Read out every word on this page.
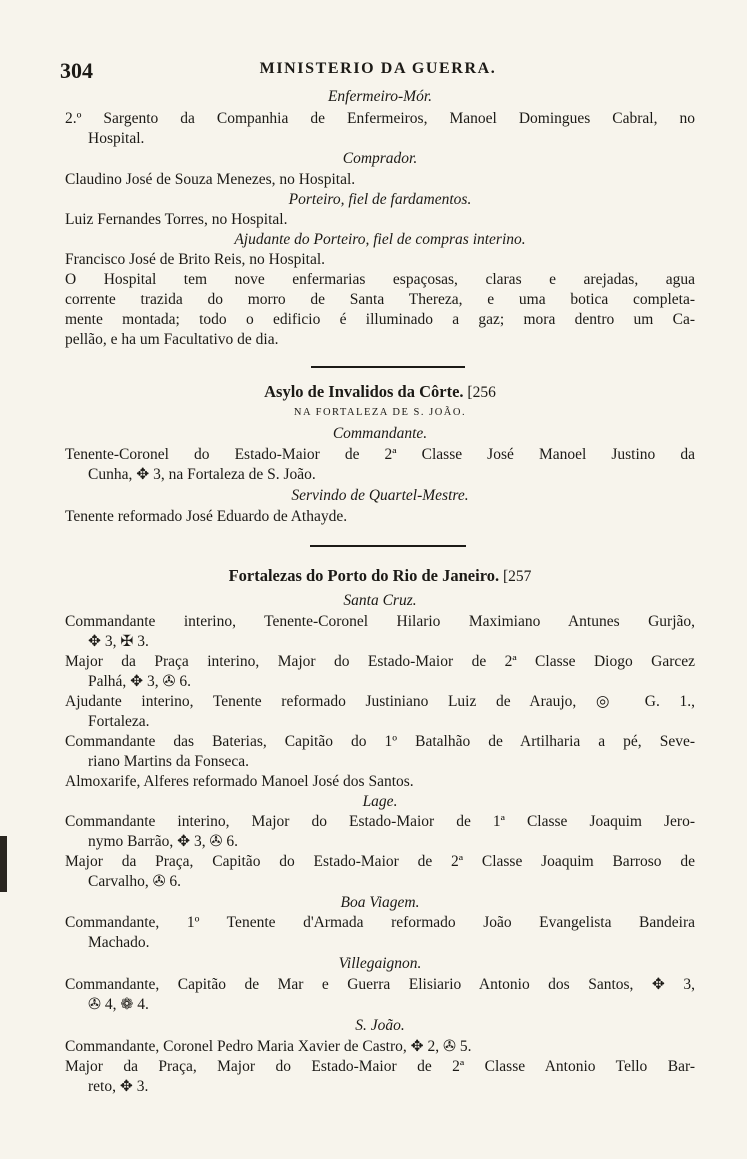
304	MINISTERIO DA GUERRA.
Enfermeiro-Mór.
2.º Sargento da Companhia de Enfermeiros, Manoel Domingues Cabral, no
Hospital.
Comprador.
Claudino José de Souza Menezes, no Hospital.
Porteiro, fiel de fardamentos.
Luiz Fernandes Torres, no Hospital.
Ajudante do Porteiro, fiel de compras interino.
Francisco José de Brito Reis, no Hospital.
O Hospital tem nove enfermarias espaçosas, claras e arejadas, agua
corrente trazida do morro de Santa Thereza, e uma botica completa-
mente montada; todo o edificio é illuminado a gaz; mora dentro um Ca-
pellão, e ha um Facultativo de dia.
Asylo de Invalidos da Côrte. [256
NA FORTALEZA DE S. JOÃO.
Commandante.
Tenente-Coronel do Estado-Maior de 2ª Classe José Manoel Justino da
Cunha, ✥ 3, na Fortaleza de S. João.
Servindo de Quartel-Mestre.
Tenente reformado José Eduardo de Athayde.
Fortalezas do Porto do Rio de Janeiro. [257
Santa Cruz.
Commandante interino, Tenente-Coronel Hilario Maximiano Antunes Gurjão,
✥ 3, ✠ 3.
Major da Praça interino, Major do Estado-Maior de 2ª Classe Diogo Garcez
Palhá, ✥ 3, ✇ 6.
Ajudante interino, Tenente reformado Justiniano Luiz de Araujo, ◎ G. 1.,
Fortaleza.
Commandante das Baterias, Capitão do 1º Batalhão de Artilharia a pé, Seve-
riano Martins da Fonseca.
Almoxarife, Alferes reformado Manoel José dos Santos.
Lage.
Commandante interino, Major do Estado-Maior de 1ª Classe Joaquim Jero-
nymo Barrão, ✥ 3, ✇ 6.
Major da Praça, Capitão do Estado-Maior de 2ª Classe Joaquim Barroso de
Carvalho, ✇ 6.
Boa Viagem.
Commandante, 1º Tenente d'Armada reformado João Evangelista Bandeira
Machado.
Villegaignon.
Commandante, Capitão de Mar e Guerra Elisiario Antonio dos Santos, ✥ 3,
✇ 4, ❁ 4.
S. João.
Commandante, Coronel Pedro Maria Xavier de Castro, ✥ 2, ✇ 5.
Major da Praça, Major do Estado-Maior de 2ª Classe Antonio Tello Bar-
reto, ✥ 3.
